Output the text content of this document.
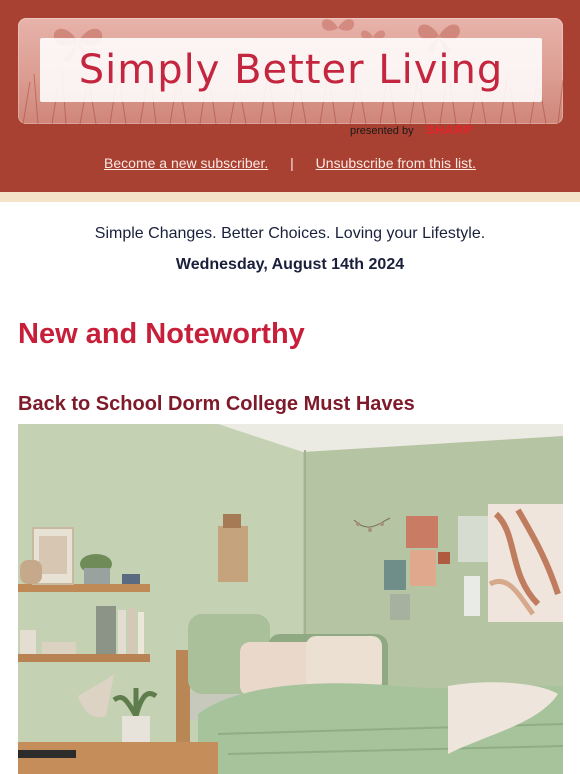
Simply Better Living
presented by SHARP
Become a new subscriber. | Unsubscribe from this list.
Simple Changes. Better Choices. Loving your Lifestyle.
Wednesday, August 14th 2024
New and Noteworthy
Back to School Dorm College Must Haves
